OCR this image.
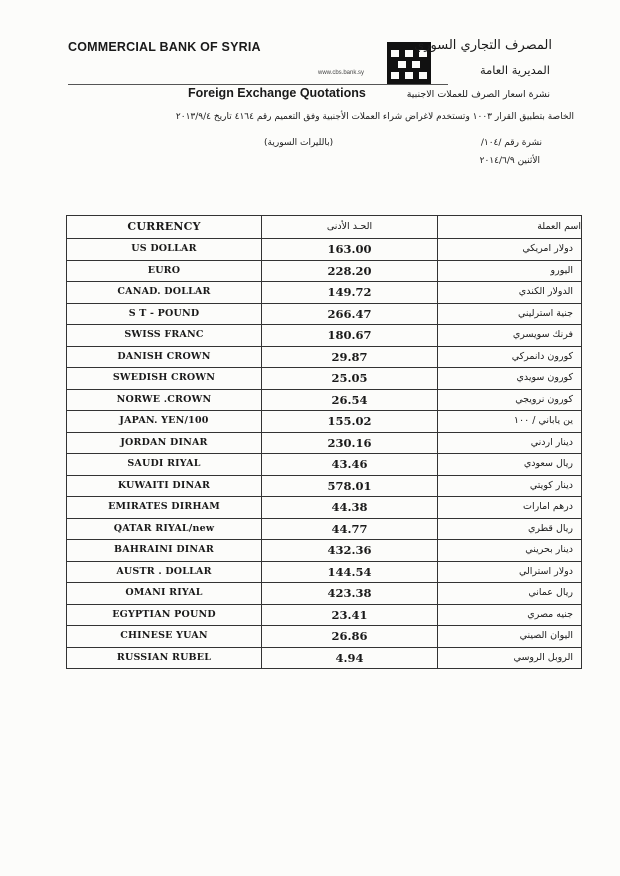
COMMERCIAL BANK OF SYRIA
www.cbs.bank.sy
المصرف التجاري السوري
المديرية العامة
Foreign Exchange Quotations	نشرة اسعار الصرف للعملات الاجنبية
الخاصة بتطبيق القرار ١٠٠٣ وتستخدم لاغراض شراء العملات الأجنبية وفق التعميم رقم ٤١٦٤ تاريخ ٢٠١٣/٩/٤
نشرة رقم /١٠٤/
(بالليرات السورية)
الأثنين ٢٠١٤/٦/٩
CURRENCY	الحـد الأدنى	اسم العملة
US DOLLAR	163.00	دولار امريكي
EURO	228.20	اليورو
CANAD. DOLLAR	149.72	الدولار الكندي
S T - POUND	266.47	جنية استرليني
SWISS FRANC	180.67	فرنك سويسري
DANISH CROWN	29.87	كورون دانمركي
SWEDISH CROWN	25.05	كورون سويدي
NORWE .CROWN	26.54	كورون نرويجي
JAPAN. YEN/100	155.02	ين ياباني / ١٠٠
JORDAN DINAR	230.16	دينار اردني
SAUDI RIYAL	43.46	ريال سعودي
KUWAITI DINAR	578.01	دينار كويتي
EMIRATES DIRHAM	44.38	درهم امارات
QATAR RIYAL/new	44.77	ريال قطري
BAHRAINI DINAR	432.36	دينار بحريني
AUSTR . DOLLAR	144.54	دولار استرالي
OMANI RIYAL	423.38	ريال عماني
EGYPTIAN POUND	23.41	جنيه مصري
CHINESE YUAN	26.86	اليوان الصيني
RUSSIAN RUBEL	4.94	الروبل الروسي
